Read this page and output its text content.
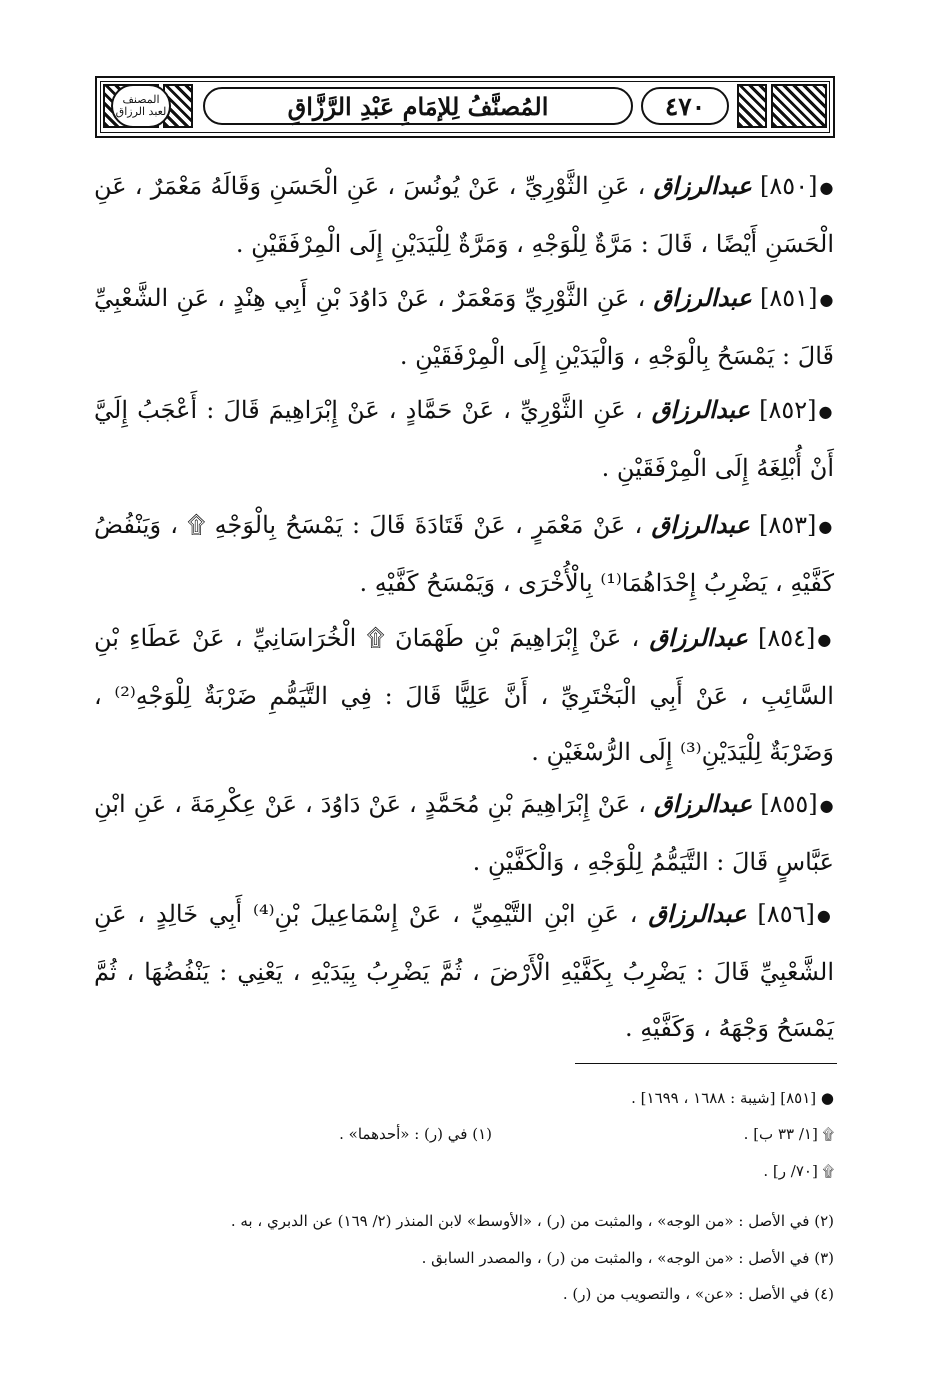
٤٧٠
المُصنَّفُ لِلإمَامِ عَبْدِ الرَّزَّاقِ
المصنف لعبد الرزاق
●[٨٥٠] عبدالرزاق ، عَنِ الثَّوْرِيِّ ، عَنْ يُونُسَ ، عَنِ الْحَسَنِ وَقَالَهُ مَعْمَرٌ ، عَنِ الْحَسَنِ أَيْضًا ، قَالَ : مَرَّةٌ لِلْوَجْهِ ، وَمَرَّةٌ لِلْيَدَيْنِ إِلَى الْمِرْفَقَيْنِ .
●[٨٥١] عبدالرزاق ، عَنِ الثَّوْرِيِّ وَمَعْمَرٌ ، عَنْ دَاوُدَ بْنِ أَبِي هِنْدٍ ، عَنِ الشَّعْبِيِّ قَالَ : يَمْسَحُ بِالْوَجْهِ ، وَالْيَدَيْنِ إِلَى الْمِرْفَقَيْنِ .
●[٨٥٢] عبدالرزاق ، عَنِ الثَّوْرِيِّ ، عَنْ حَمَّادٍ ، عَنْ إِبْرَاهِيمَ قَالَ : أَعْجَبُ إِلَيَّ أَنْ أُبْلِغَهُ إِلَى الْمِرْفَقَيْنِ .
●[٨٥٣] عبدالرزاق ، عَنْ مَعْمَرٍ ، عَنْ قَتَادَةَ قَالَ : يَمْسَحُ بِالْوَجْهِ ۩ ، وَيَنْفُضُ كَفَّيْهِ ، يَضْرِبُ إِحْدَاهُمَا⁽¹⁾ بِالْأُخْرَى ، وَيَمْسَحُ كَفَّيْهِ .
●[٨٥٤] عبدالرزاق ، عَنْ إِبْرَاهِيمَ بْنِ طَهْمَانَ ۩ الْخُرَاسَانِيِّ ، عَنْ عَطَاءِ بْنِ السَّائِبِ ، عَنْ أَبِي الْبَخْتَرِيِّ ، أَنَّ عَلِيًّا قَالَ : فِي التَّيَمُّمِ ضَرْبَةٌ لِلْوَجْهِ⁽²⁾ ، وَضَرْبَةٌ لِلْيَدَيْنِ⁽³⁾ إِلَى الرُّسْغَيْنِ .
●[٨٥٥] عبدالرزاق ، عَنْ إِبْرَاهِيمَ بْنِ مُحَمَّدٍ ، عَنْ دَاوُدَ ، عَنْ عِكْرِمَةَ ، عَنِ ابْنِ عَبَّاسٍ قَالَ : التَّيَمُّمُ لِلْوَجْهِ ، وَالْكَفَّيْنِ .
●[٨٥٦] عبدالرزاق ، عَنِ ابْنِ التَّيْمِيِّ ، عَنْ إِسْمَاعِيلَ بْنِ⁽⁴⁾ أَبِي خَالِدٍ ، عَنِ الشَّعْبِيِّ قَالَ : يَضْرِبُ بِكَفَّيْهِ الْأَرْضَ ، ثُمَّ يَضْرِبُ بِيَدَيْهِ ، يَعْنِي : يَنْفُضُهَا ، ثُمَّ يَمْسَحُ وَجْهَهُ ، وَكَفَّيْهِ .
● [٨٥١] [شيبة : ١٦٨٨ ، ١٦٩٩] .
۩ [١/ ٣٣ ب] .
(١) في (ر) : «أحدهما» .
۩ [٧٠/ ر] .
(٢) في الأصل : «من الوجه» ، والمثبت من (ر) ، «الأوسط» لابن المنذر (٢/ ١٦٩) عن الدبري ، به .
(٣) في الأصل : «من الوجه» ، والمثبت من (ر) ، والمصدر السابق .
(٤) في الأصل : «عن» ، والتصويب من (ر) .
